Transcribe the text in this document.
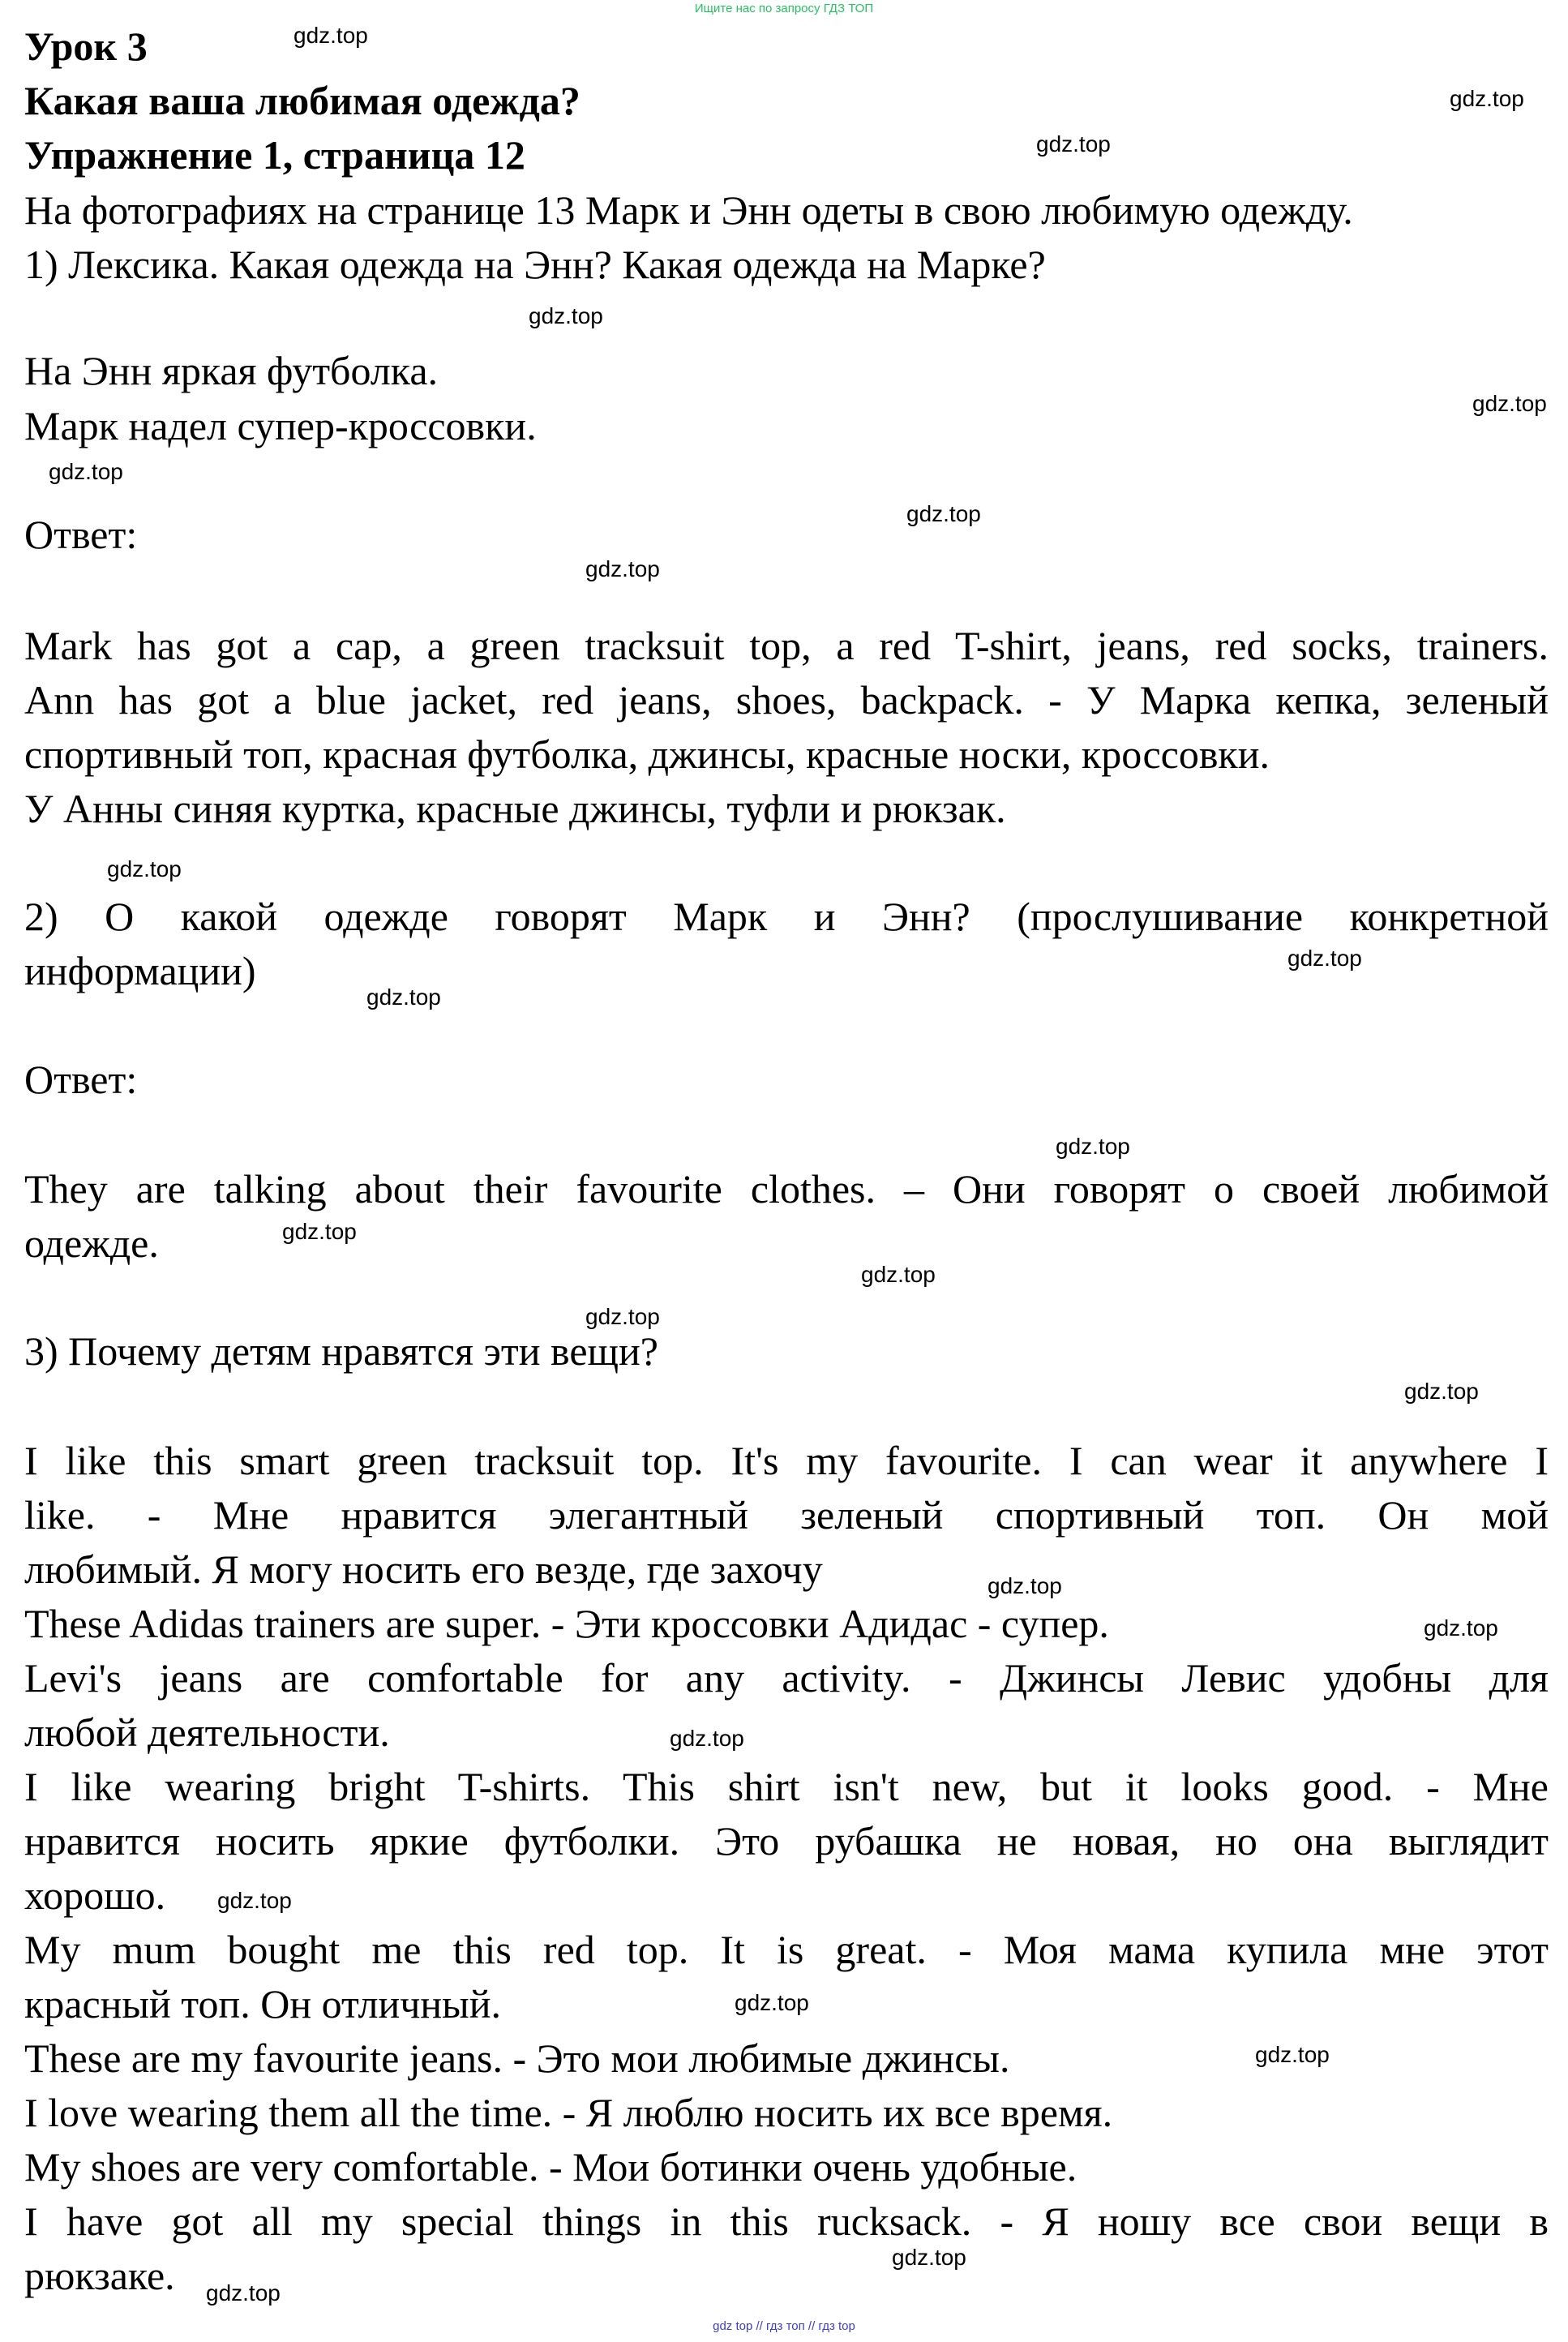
Ищите нас по запросу ГДЗ ТОП
Урок 3
Какая ваша любимая одежда?
Упражнение 1, страница 12
На фотографиях на странице 13 Марк и Энн одеты в свою любимую одежду.
1) Лексика. Какая одежда на Энн? Какая одежда на Марке?
На Энн яркая футболка.
Марк надел супер-кроссовки.
Ответ:
Mark has got a cap, a green tracksuit top, a red T-shirt, jeans, red socks, trainers.
Ann has got a blue jacket, red jeans, shoes, backpack. - У Марка кепка, зеленый
спортивный топ, красная футболка, джинсы, красные носки, кроссовки.
У Анны синяя куртка, красные джинсы, туфли и рюкзак.
2) О какой одежде говорят Марк и Энн? (прослушивание конкретной
информации)
Ответ:
They are talking about their favourite clothes. – Они говорят о своей любимой
одежде.
3) Почему детям нравятся эти вещи?
I like this smart green tracksuit top. It's my favourite. I can wear it anywhere I
like. - Мне нравится элегантный зеленый спортивный топ. Он мой
любимый. Я могу носить его везде, где захочу
These Adidas trainers are super. - Эти кроссовки Адидас - супер.
Levi's jeans are comfortable for any activity. - Джинсы Левис удобны для
любой деятельности.
I like wearing bright T-shirts. This shirt isn't new, but it looks good. - Мне
нравится носить яркие футболки. Это рубашка не новая, но она выглядит
хорошо.
My mum bought me this red top. It is great. - Моя мама купила мне этот
красный топ. Он отличный.
These are my favourite jeans. - Это мои любимые джинсы.
I love wearing them all the time. - Я люблю носить их все время.
My shoes are very comfortable. - Мои ботинки очень удобные.
I have got all my special things in this rucksack. - Я ношу все свои вещи в
рюкзаке.
gdz.top
gdz.top
gdz.top
gdz.top
gdz.top
gdz.top
gdz.top
gdz.top
gdz.top
gdz.top
gdz.top
gdz.top
gdz.top
gdz.top
gdz.top
gdz.top
gdz.top
gdz.top
gdz.top
gdz.top
gdz.top
gdz.top
gdz.top
gdz.top
gdz top // гдз топ // гдз top
